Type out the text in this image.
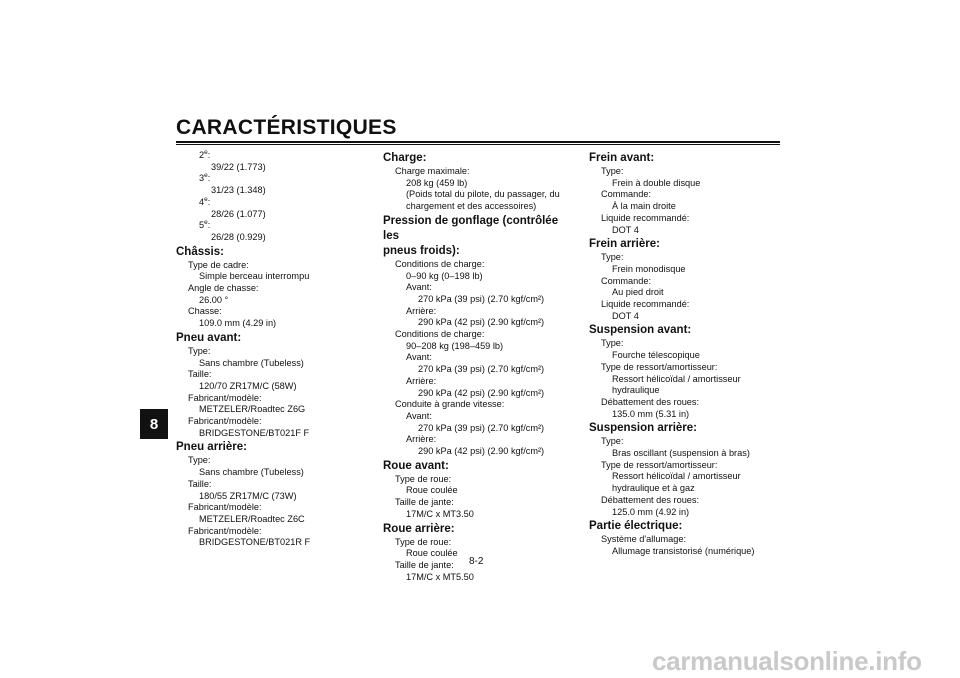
CARACTÉRISTIQUES
8
2e:
39/22 (1.773)
3e:
31/23 (1.348)
4e:
28/26 (1.077)
5e:
26/28 (0.929)
Châssis:
Type de cadre:
Simple berceau interrompu
Angle de chasse:
26.00 °
Chasse:
109.0 mm (4.29 in)
Pneu avant:
Type:
Sans chambre (Tubeless)
Taille:
120/70 ZR17M/C (58W)
Fabricant/modèle:
METZELER/Roadtec Z6G
Fabricant/modèle:
BRIDGESTONE/BT021F F
Pneu arrière:
Type:
Sans chambre (Tubeless)
Taille:
180/55 ZR17M/C (73W)
Fabricant/modèle:
METZELER/Roadtec Z6C
Fabricant/modèle:
BRIDGESTONE/BT021R F
Charge:
Charge maximale:
208 kg (459 lb)
(Poids total du pilote, du passager, du
chargement et des accessoires)
Pression de gonflage (contrôlée les
pneus froids):
Conditions de charge:
0–90 kg (0–198 lb)
Avant:
270 kPa (39 psi) (2.70 kgf/cm²)
Arrière:
290 kPa (42 psi) (2.90 kgf/cm²)
Conditions de charge:
90–208 kg (198–459 lb)
Avant:
270 kPa (39 psi) (2.70 kgf/cm²)
Arrière:
290 kPa (42 psi) (2.90 kgf/cm²)
Conduite à grande vitesse:
Avant:
270 kPa (39 psi) (2.70 kgf/cm²)
Arrière:
290 kPa (42 psi) (2.90 kgf/cm²)
Roue avant:
Type de roue:
Roue coulée
Taille de jante:
17M/C x MT3.50
Roue arrière:
Type de roue:
Roue coulée
Taille de jante:
17M/C x MT5.50
Frein avant:
Type:
Frein à double disque
Commande:
À la main droite
Liquide recommandé:
DOT 4
Frein arrière:
Type:
Frein monodisque
Commande:
Au pied droit
Liquide recommandé:
DOT 4
Suspension avant:
Type:
Fourche télescopique
Type de ressort/amortisseur:
Ressort hélicoïdal / amortisseur
hydraulique
Débattement des roues:
135.0 mm (5.31 in)
Suspension arrière:
Type:
Bras oscillant (suspension à bras)
Type de ressort/amortisseur:
Ressort hélicoïdal / amortisseur
hydraulique et à gaz
Débattement des roues:
125.0 mm (4.92 in)
Partie électrique:
Système d'allumage:
Allumage transistorisé (numérique)
8-2
carmanualsonline.info
